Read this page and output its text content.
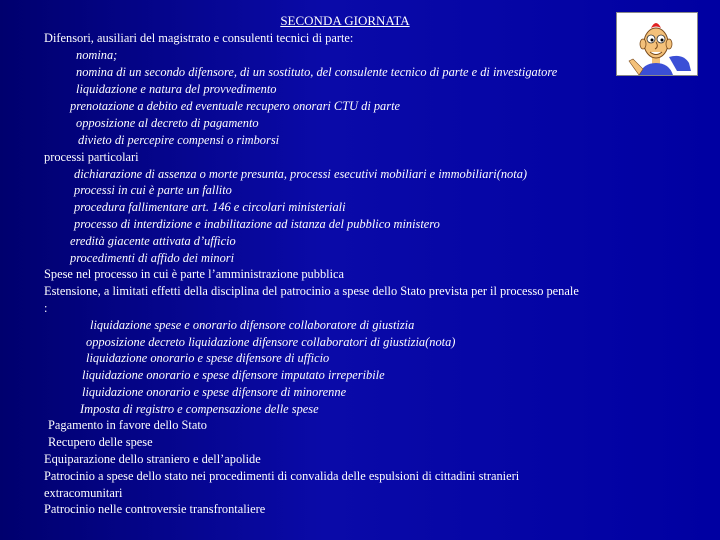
SECONDA GIORNATA
Difensori, ausiliari del magistrato e consulenti tecnici di parte:
nomina;
nomina di un secondo difensore, di un sostituto, del consulente tecnico di parte e di investigatore
liquidazione e natura del provvedimento
prenotazione a debito ed eventuale recupero onorari CTU di parte
opposizione al decreto di pagamento
divieto di percepire compensi o rimborsi
processi particolari
dichiarazione di assenza o morte presunta, processi esecutivi mobiliari e immobiliari(nota)
processi in cui è parte un fallito
procedura fallimentare art. 146 e circolari ministeriali
processo di interdizione e inabilitazione ad istanza del pubblico ministero
eredità giacente attivata d’ufficio
procedimenti di affido dei minori
Spese nel processo in cui è parte l’amministrazione pubblica
Estensione, a limitati effetti della disciplina del patrocinio a spese dello Stato prevista per il processo penale
:
liquidazione spese e onorario difensore collaboratore di giustizia
opposizione decreto liquidazione difensore collaboratori di giustizia(nota)
liquidazione onorario e spese difensore di ufficio
liquidazione onorario e spese difensore imputato irreperibile
liquidazione onorario e spese difensore di minorenne
Imposta di registro e compensazione delle spese
Pagamento in favore dello Stato
Recupero delle spese
Equiparazione dello straniero e dell’apolide
Patrocinio a spese dello stato nei procedimenti di convalida delle espulsioni di cittadini stranieri
extracomunitari
Patrocinio nelle controversie transfrontaliere
